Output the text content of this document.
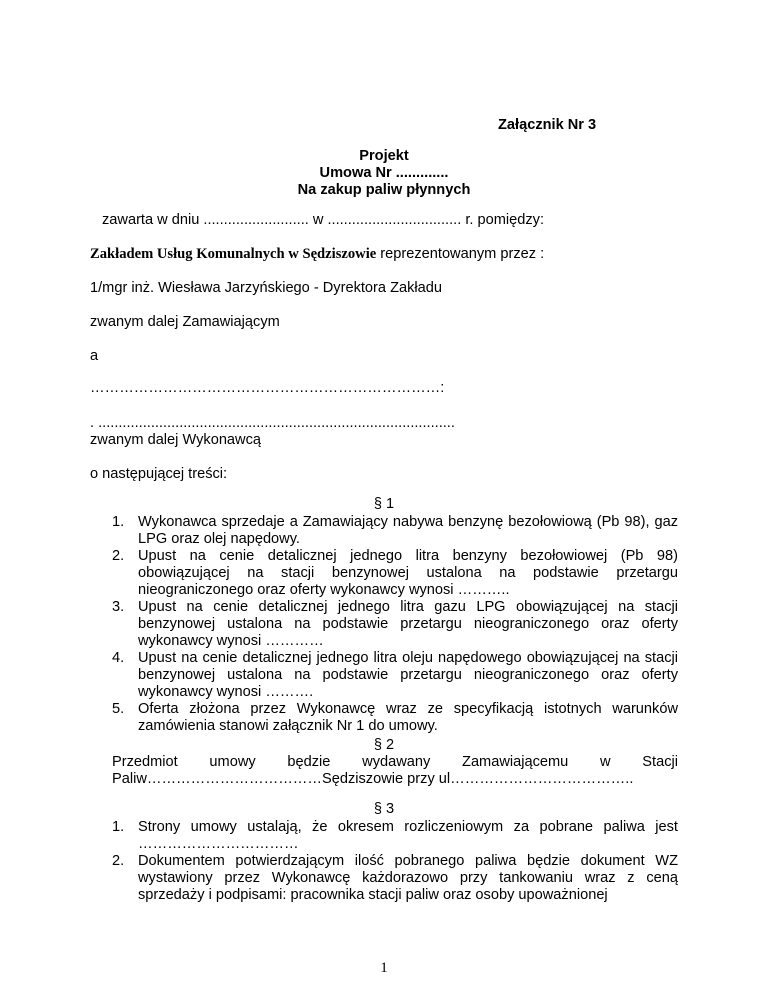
Załącznik Nr 3
Projekt
Umowa Nr .............
Na zakup paliw płynnych
zawarta w dniu .......................... w ................................. r. pomiędzy:
Zakładem Usług Komunalnych w Sędziszowie reprezentowanym przez :
1/mgr inż. Wiesława Jarzyńskiego - Dyrektora Zakładu
zwanym dalej Zamawiającym
a
………………………………………………………………:
. ........................................................................................
zwanym dalej Wykonawcą
o następującej treści:
§ 1
1. Wykonawca sprzedaje a Zamawiający nabywa benzynę bezołowiową (Pb 98), gaz LPG oraz olej napędowy.
2. Upust na cenie detalicznej jednego litra benzyny bezołowiowej (Pb 98) obowiązującej na stacji benzynowej ustalona na podstawie przetargu nieograniczonego oraz oferty wykonawcy wynosi ………..
3. Upust na cenie detalicznej jednego litra gazu LPG obowiązującej na stacji benzynowej ustalona na podstawie przetargu nieograniczonego oraz oferty wykonawcy wynosi …………
4. Upust na cenie detalicznej jednego litra oleju napędowego obowiązującej na stacji benzynowej ustalona na podstawie przetargu nieograniczonego oraz oferty wykonawcy wynosi ……….
5. Oferta złożona przez Wykonawcę wraz ze specyfikacją istotnych warunków zamówienia stanowi załącznik Nr 1 do umowy.
§ 2
Przedmiot umowy będzie wydawany Zamawiającemu w Stacji
Paliw………………………………Sędziszowie przy ul………………………………..
§ 3
1. Strony umowy ustalają, że okresem rozliczeniowym za pobrane paliwa jest ……………………………
2. Dokumentem potwierdzającym ilość pobranego paliwa będzie dokument WZ wystawiony przez Wykonawcę każdorazowo przy tankowaniu wraz z ceną sprzedaży i podpisami: pracownika stacji paliw oraz osoby upoważnionej
1
